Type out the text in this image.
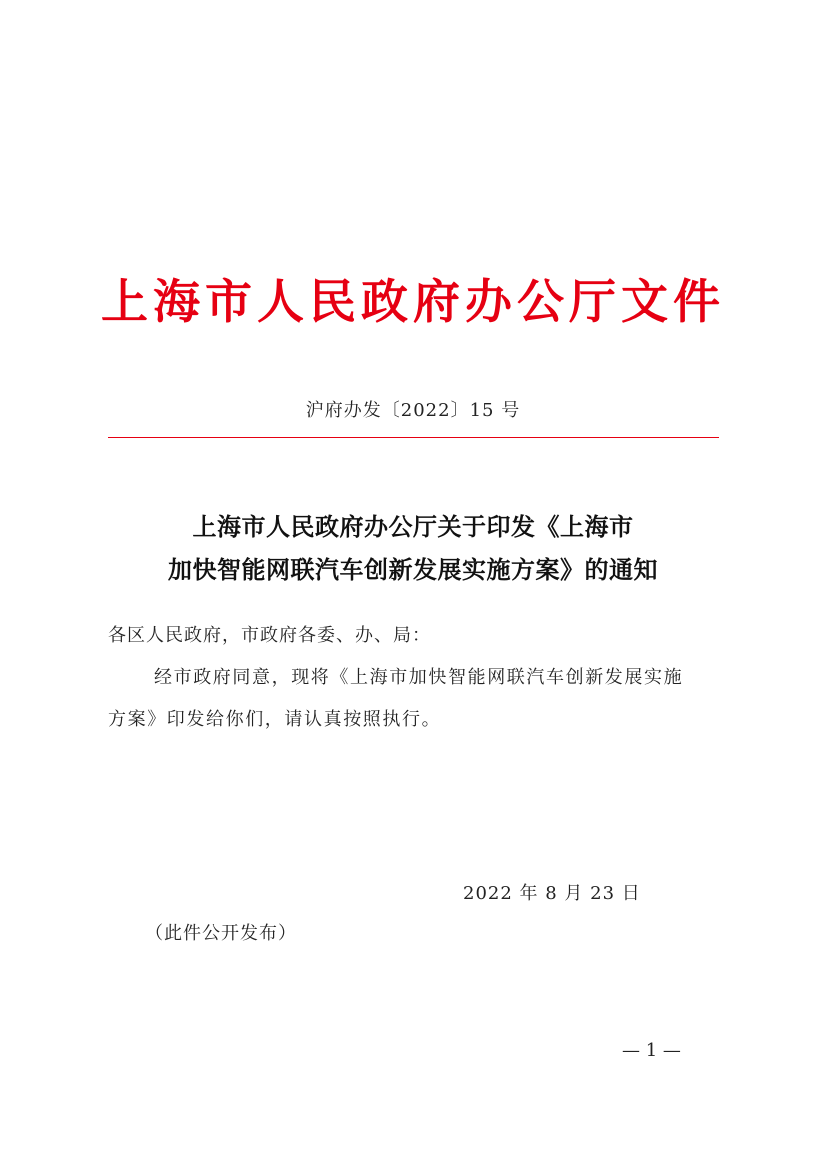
上海市人民政府办公厅文件
沪府办发〔2022〕15 号
上海市人民政府办公厅关于印发《上海市
加快智能网联汽车创新发展实施方案》的通知
各区人民政府，市政府各委、办、局：
经市政府同意，现将《上海市加快智能网联汽车创新发展实施
方案》印发给你们，请认真按照执行。
2022 年 8 月 23 日
（此件公开发布）
— 1 —
